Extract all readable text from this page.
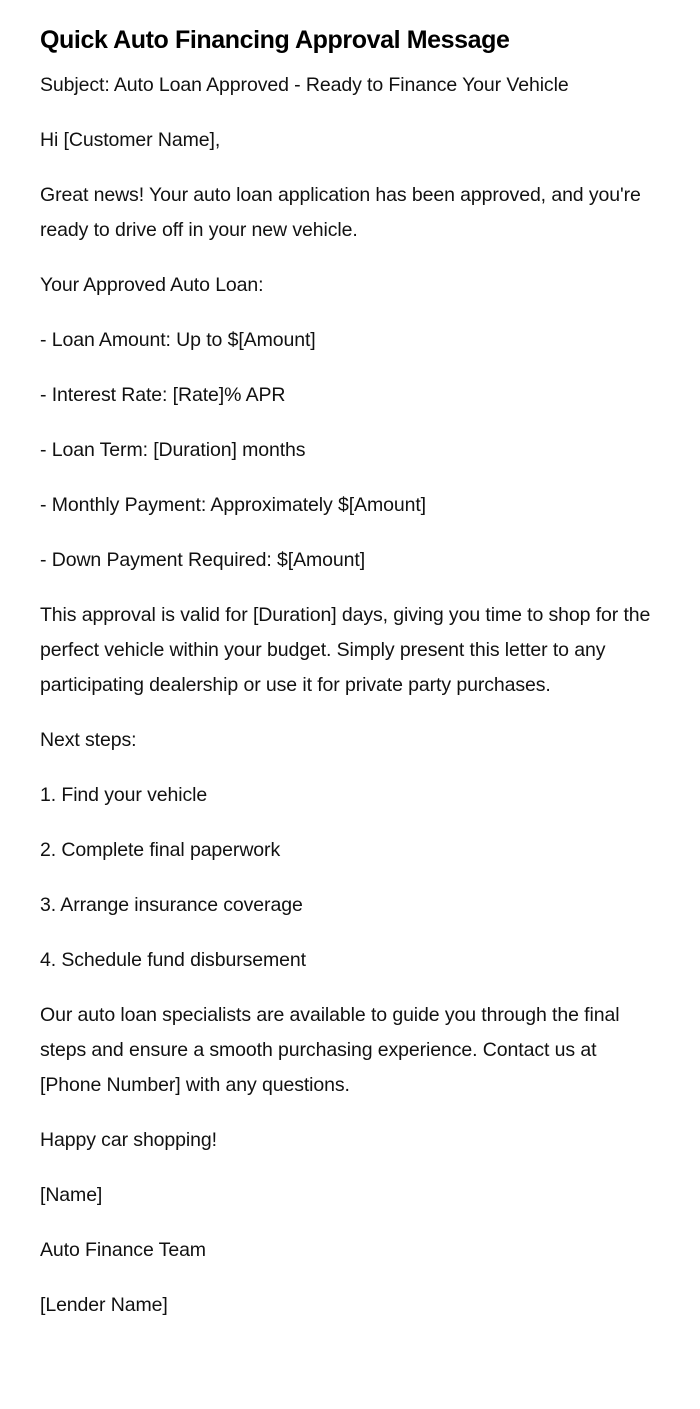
Quick Auto Financing Approval Message

Subject: Auto Loan Approved - Ready to Finance Your Vehicle

Hi [Customer Name],

Great news! Your auto loan application has been approved, and you're ready to drive off in your new vehicle.

Your Approved Auto Loan:

- Loan Amount: Up to $[Amount]

- Interest Rate: [Rate]% APR

- Loan Term: [Duration] months

- Monthly Payment: Approximately $[Amount]

- Down Payment Required: $[Amount]

This approval is valid for [Duration] days, giving you time to shop for the perfect vehicle within your budget. Simply present this letter to any participating dealership or use it for private party purchases.

Next steps:

1. Find your vehicle

2. Complete final paperwork

3. Arrange insurance coverage

4. Schedule fund disbursement

Our auto loan specialists are available to guide you through the final steps and ensure a smooth purchasing experience. Contact us at [Phone Number] with any questions.

Happy car shopping!

[Name]

Auto Finance Team

[Lender Name]
